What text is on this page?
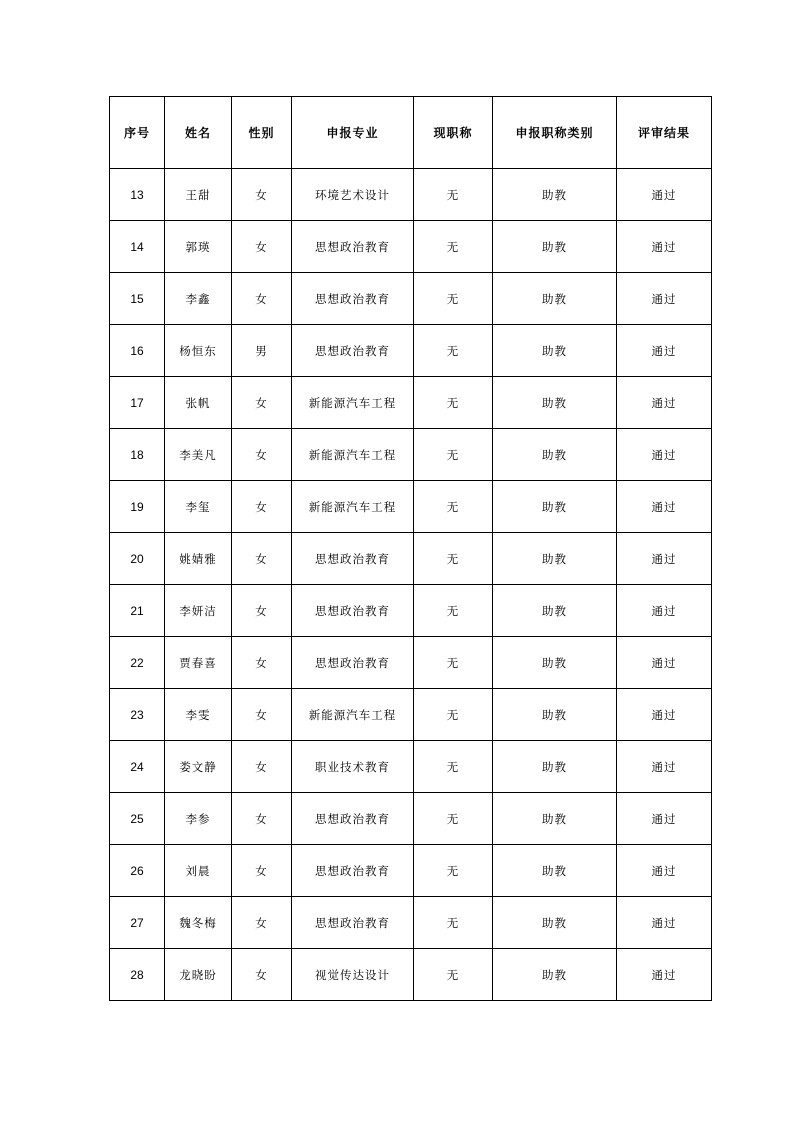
序号	姓名	性别	申报专业	现职称	申报职称类别	评审结果
13	王甜	女	环境艺术设计	无	助教	通过
14	郭瑛	女	思想政治教育	无	助教	通过
15	李鑫	女	思想政治教育	无	助教	通过
16	杨恒东	男	思想政治教育	无	助教	通过
17	张帆	女	新能源汽车工程	无	助教	通过
18	李美凡	女	新能源汽车工程	无	助教	通过
19	李玺	女	新能源汽车工程	无	助教	通过
20	姚婧雅	女	思想政治教育	无	助教	通过
21	李妍洁	女	思想政治教育	无	助教	通过
22	贾春喜	女	思想政治教育	无	助教	通过
23	李雯	女	新能源汽车工程	无	助教	通过
24	娄文静	女	职业技术教育	无	助教	通过
25	李参	女	思想政治教育	无	助教	通过
26	刘晨	女	思想政治教育	无	助教	通过
27	魏冬梅	女	思想政治教育	无	助教	通过
28	龙晓盼	女	视觉传达设计	无	助教	通过
